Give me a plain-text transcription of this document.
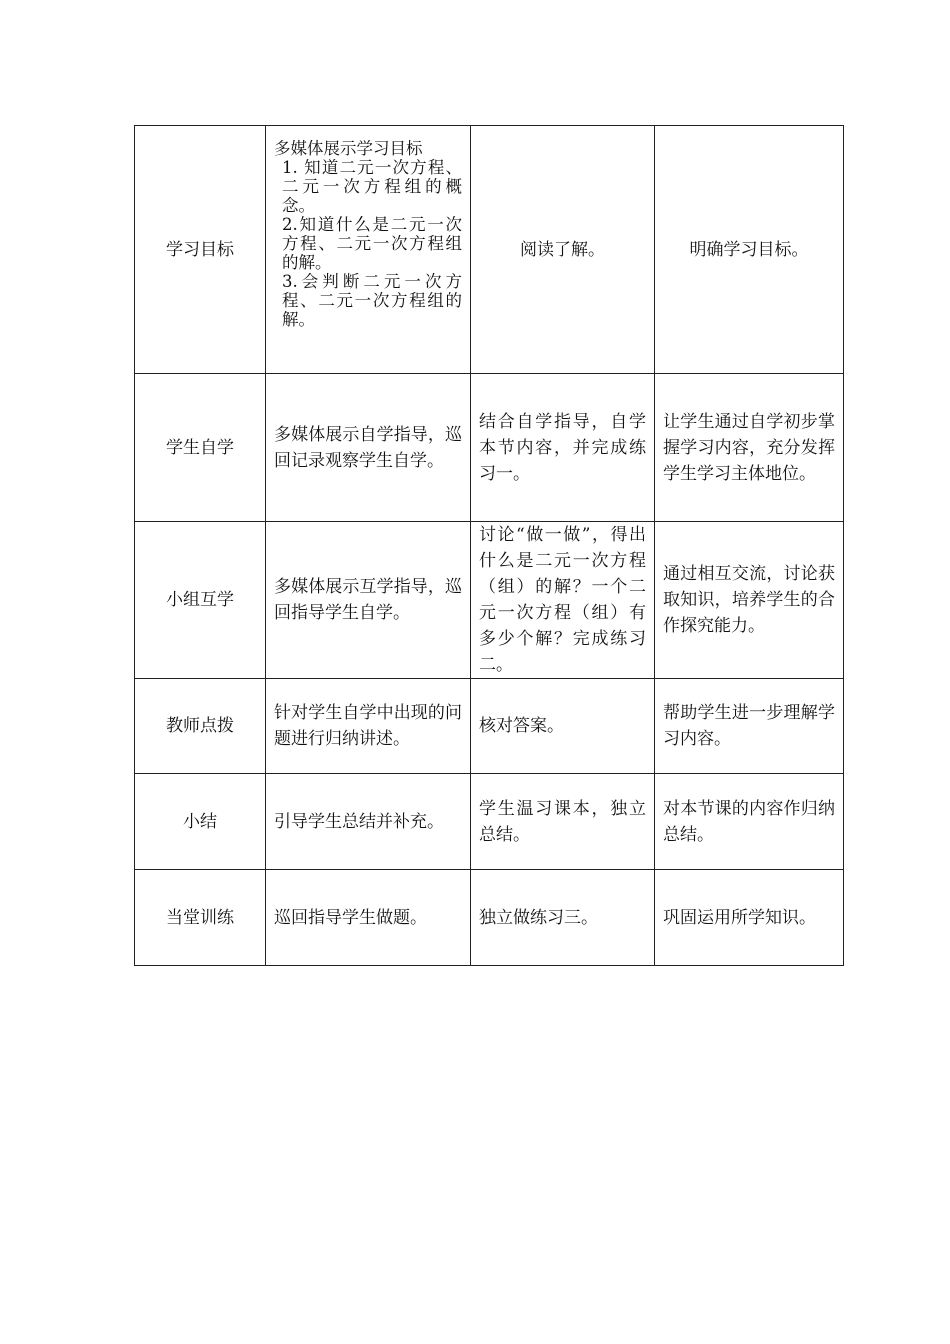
学习目标	多媒体展示学习目标
1. 知道二元一次方程、二元一次方程组的概念。
2.知道什么是二元一次方程、二元一次方程组的解。
3.会判断二元一次方程、二元一次方程组的解。	阅读了解。	明确学习目标。
学生自学	多媒体展示自学指导，巡回记录观察学生自学。	结合自学指导，自学本节内容，并完成练习一。	让学生通过自学初步掌握学习内容，充分发挥学生学习主体地位。
小组互学	多媒体展示互学指导，巡回指导学生自学。	讨论“做一做”，得出什么是二元一次方程（组）的解？一个二元一次方程（组）有多少个解？完成练习二。	通过相互交流，讨论获取知识，培养学生的合作探究能力。
教师点拨	针对学生自学中出现的问题进行归纳讲述。	核对答案。	帮助学生进一步理解学习内容。
小结	引导学生总结并补充。	学生温习课本，独立总结。	对本节课的内容作归纳总结。
当堂训练	巡回指导学生做题。	独立做练习三。	巩固运用所学知识。
